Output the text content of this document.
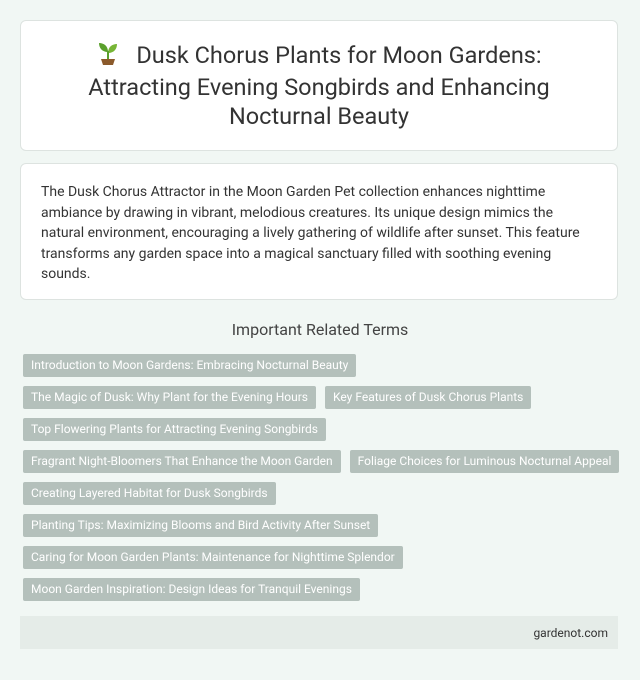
Dusk Chorus Plants for Moon Gardens: Attracting Evening Songbirds and Enhancing Nocturnal Beauty

The Dusk Chorus Attractor in the Moon Garden Pet collection enhances nighttime ambiance by drawing in vibrant, melodious creatures. Its unique design mimics the natural environment, encouraging a lively gathering of wildlife after sunset. This feature transforms any garden space into a magical sanctuary filled with soothing evening sounds.

Important Related Terms
Introduction to Moon Gardens: Embracing Nocturnal Beauty
The Magic of Dusk: Why Plant for the Evening Hours	Key Features of Dusk Chorus Plants
Top Flowering Plants for Attracting Evening Songbirds
Fragrant Night-Bloomers That Enhance the Moon Garden	Foliage Choices for Luminous Nocturnal Appeal
Creating Layered Habitat for Dusk Songbirds
Planting Tips: Maximizing Blooms and Bird Activity After Sunset
Caring for Moon Garden Plants: Maintenance for Nighttime Splendor
Moon Garden Inspiration: Design Ideas for Tranquil Evenings
gardenot.com
